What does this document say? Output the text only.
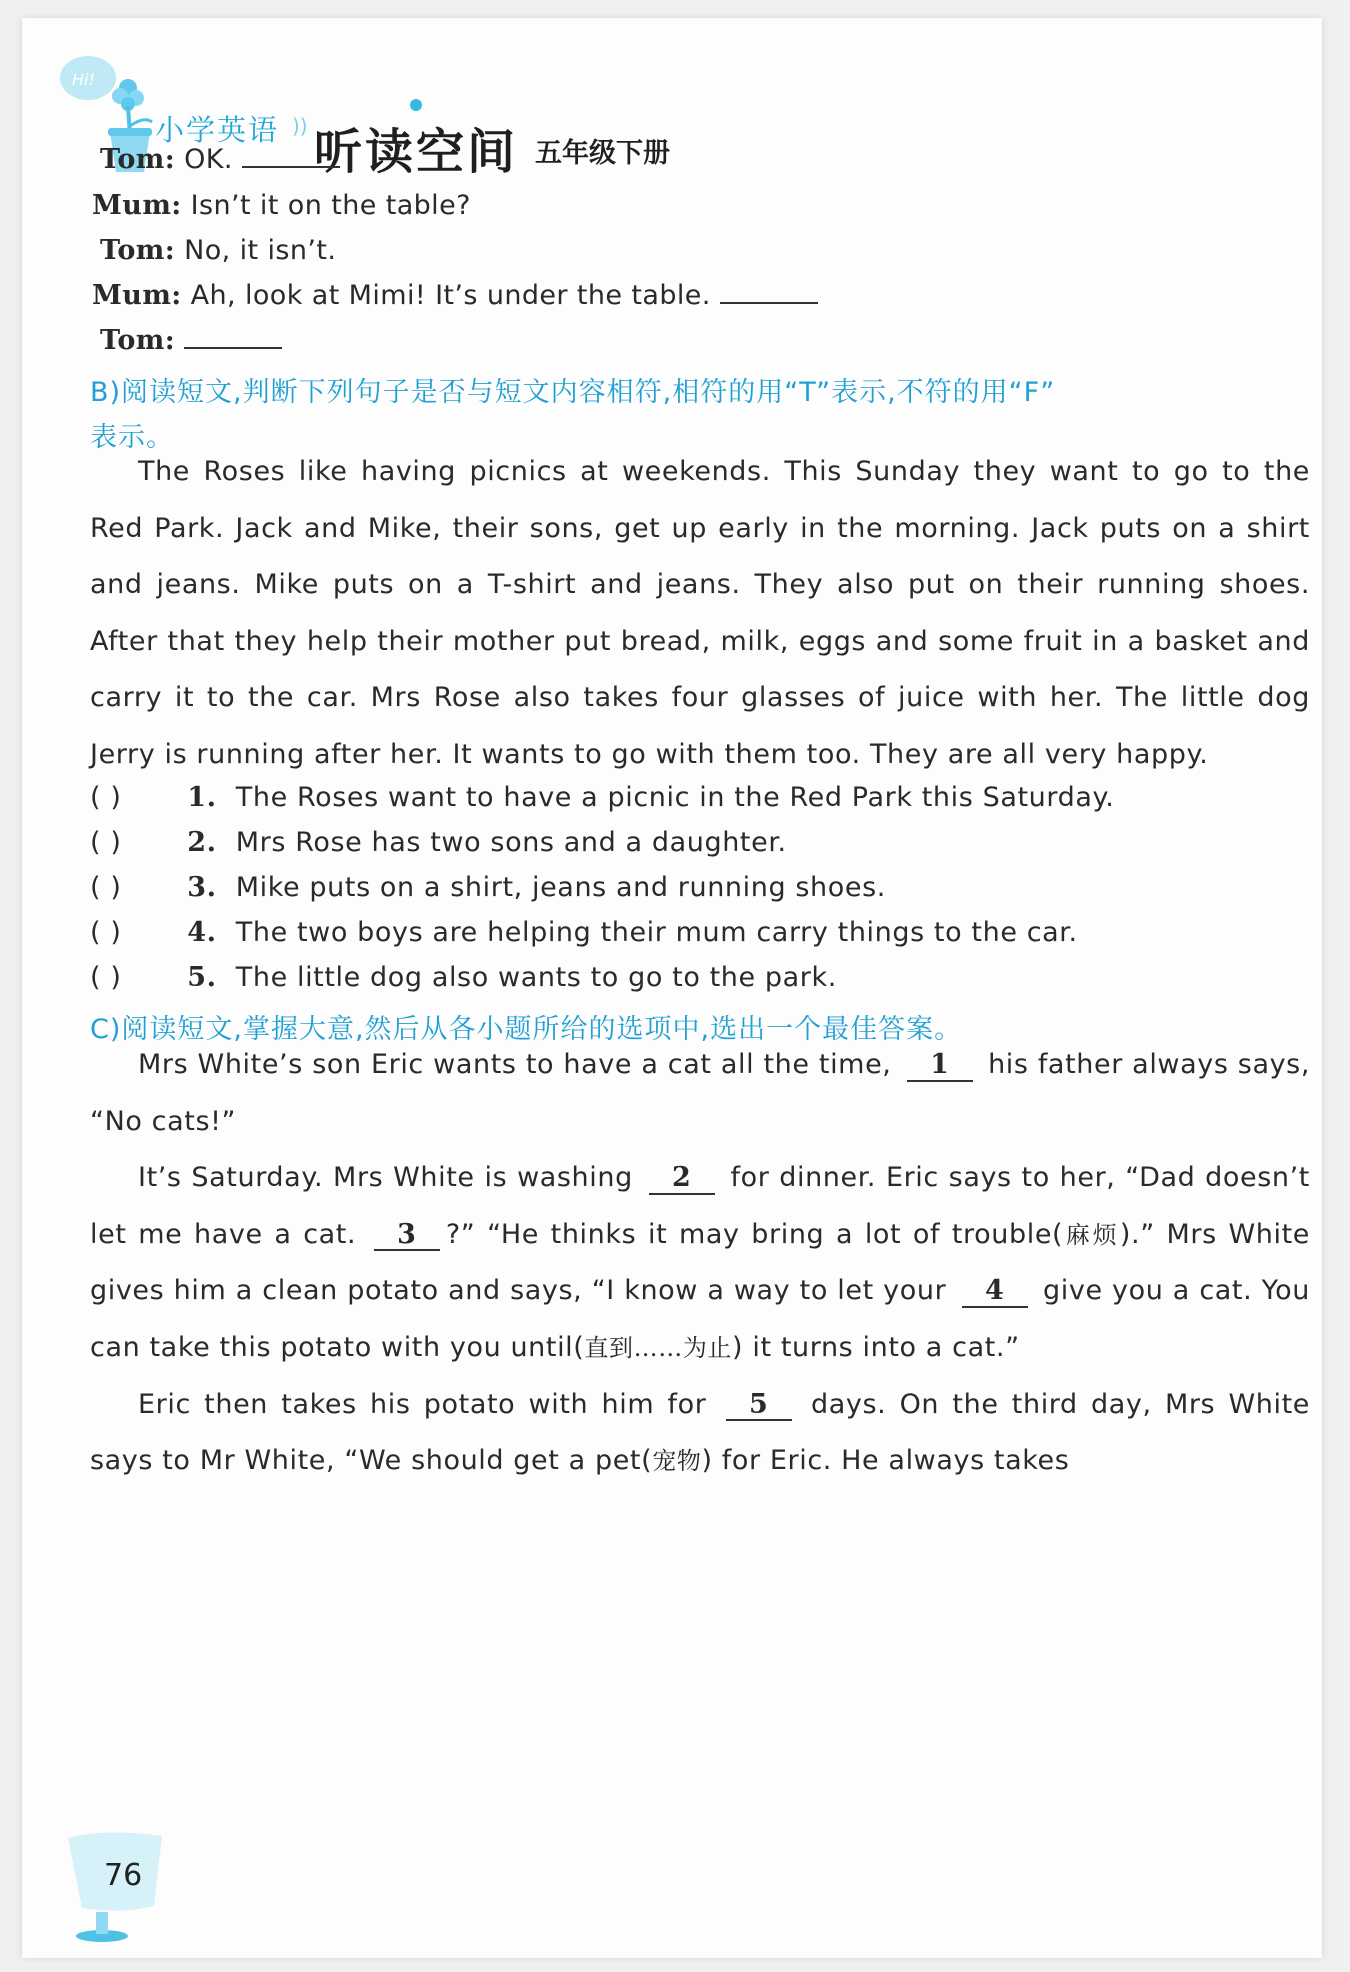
Hi!
小学英语 )) 听读空间 五年级下册
Tom: OK.
Mum: Isn’t it on the table?
Tom: No, it isn’t.
Mum: Ah, look at Mimi! It’s under the table.
Tom:
B)阅读短文,判断下列句子是否与短文内容相符,相符的用“T”表示,不符的用“F”
表示。
The Roses like having picnics at weekends. This Sunday they want to go to the Red Park. Jack and Mike, their sons, get up early in the morning. Jack puts on a shirt and jeans. Mike puts on a T-shirt and jeans. They also put on their running shoes. After that they help their mother put bread, milk, eggs and some fruit in a basket and carry it to the car. Mrs Rose also takes four glasses of juice with her. The little dog Jerry is running after her. It wants to go with them too. They are all very happy.
( ) 1. The Roses want to have a picnic in the Red Park this Saturday.
( ) 2. Mrs Rose has two sons and a daughter.
( ) 3. Mike puts on a shirt, jeans and running shoes.
( ) 4. The two boys are helping their mum carry things to the car.
( ) 5. The little dog also wants to go to the park.
C)阅读短文,掌握大意,然后从各小题所给的选项中,选出一个最佳答案。
Mrs White’s son Eric wants to have a cat all the time, 1 his father always says, “No cats!”
It’s Saturday. Mrs White is washing 2 for dinner. Eric says to her, “Dad doesn’t let me have a cat. 3 ?” “He thinks it may bring a lot of trouble(麻烦).” Mrs White gives him a clean potato and says, “I know a way to let your 4 give you a cat. You can take this potato with you until(直到……为止) it turns into a cat.”
Eric then takes his potato with him for 5 days. On the third day, Mrs White says to Mr White, “We should get a pet(宠物) for Eric. He always takes
76
